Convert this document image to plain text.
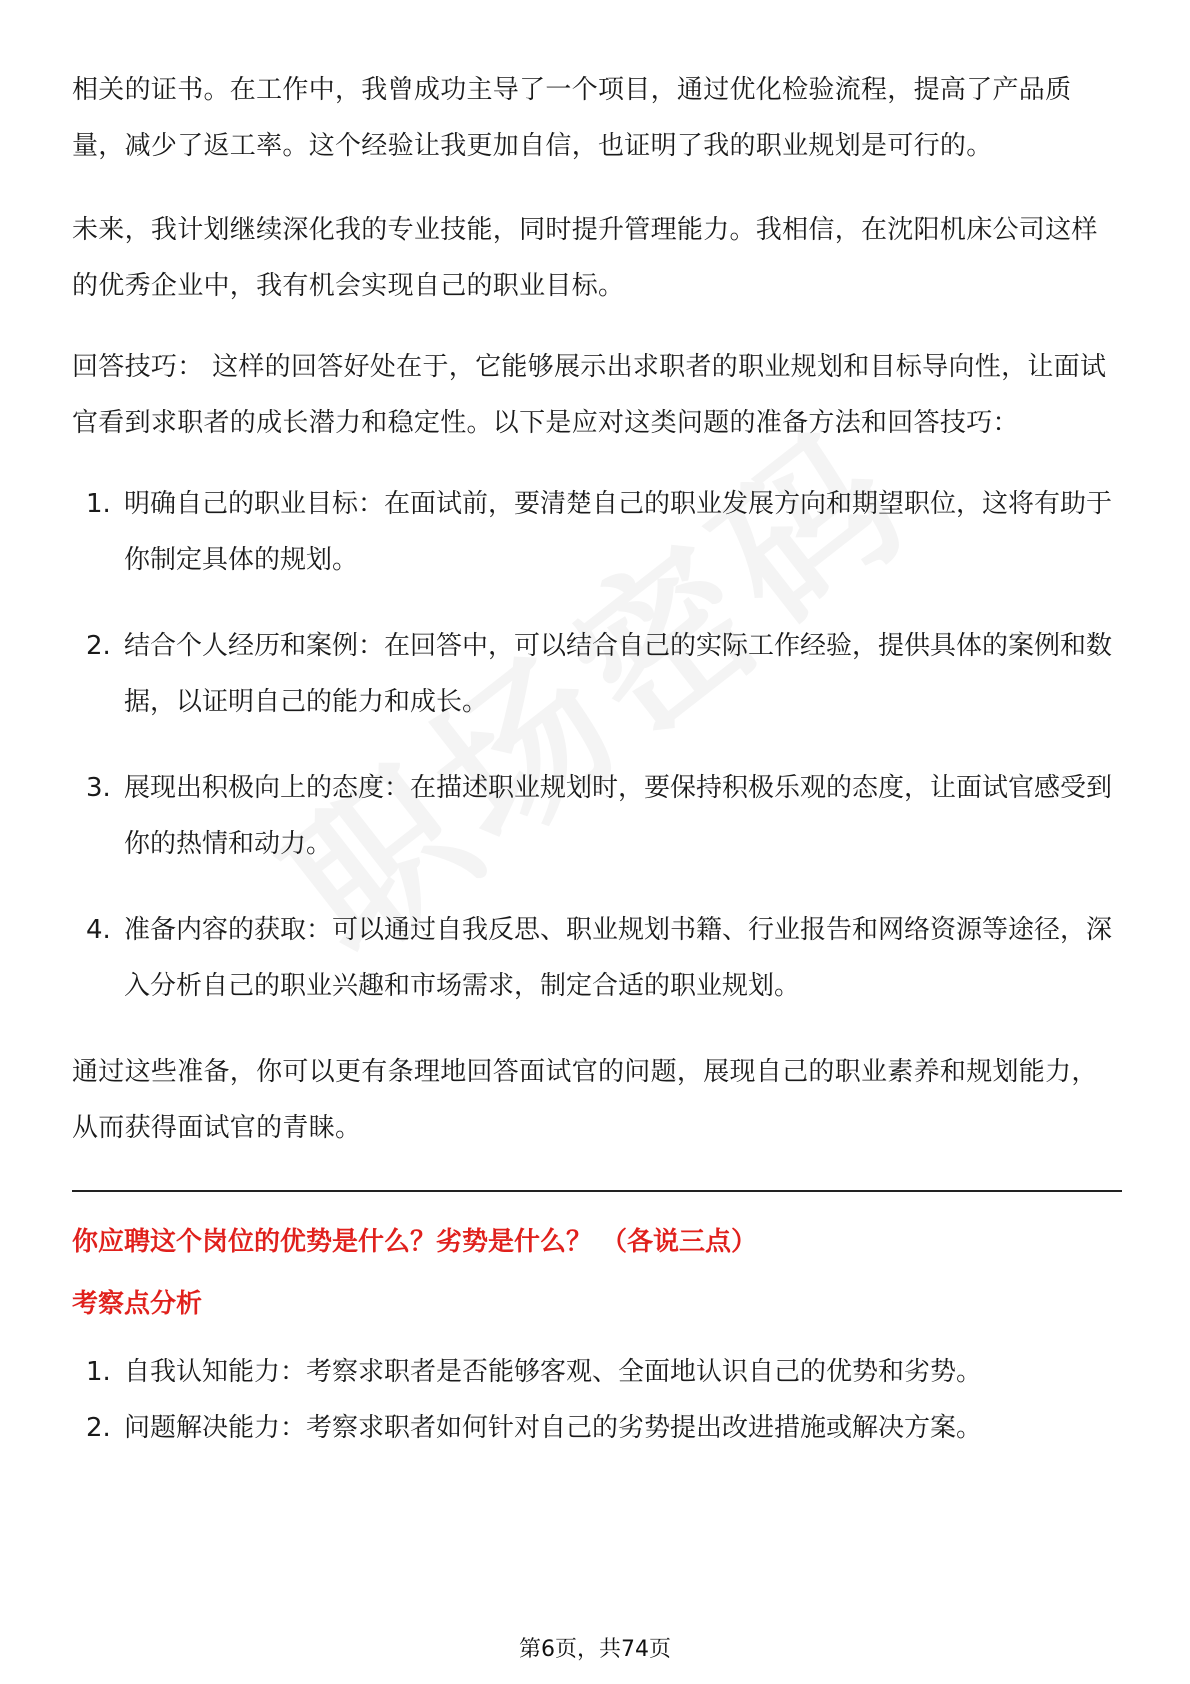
相关的证书。在工作中，我曾成功主导了一个项目，通过优化检验流程，提高了产品质量，减少了返工率。这个经验让我更加自信，也证明了我的职业规划是可行的。

未来，我计划继续深化我的专业技能，同时提升管理能力。我相信，在沈阳机床公司这样的优秀企业中，我有机会实现自己的职业目标。

回答技巧： 这样的回答好处在于，它能够展示出求职者的职业规划和目标导向性，让面试官看到求职者的成长潜力和稳定性。以下是应对这类问题的准备方法和回答技巧：

1. 明确自己的职业目标：在面试前，要清楚自己的职业发展方向和期望职位，这将有助于你制定具体的规划。
2. 结合个人经历和案例：在回答中，可以结合自己的实际工作经验，提供具体的案例和数据，以证明自己的能力和成长。
3. 展现出积极向上的态度：在描述职业规划时，要保持积极乐观的态度，让面试官感受到你的热情和动力。
4. 准备内容的获取：可以通过自我反思、职业规划书籍、行业报告和网络资源等途径，深入分析自己的职业兴趣和市场需求，制定合适的职业规划。

通过这些准备，你可以更有条理地回答面试官的问题，展现自己的职业素养和规划能力，从而获得面试官的青睐。

你应聘这个岗位的优势是什么？劣势是什么？ （各说三点）

考察点分析

1. 自我认知能力：考察求职者是否能够客观、全面地认识自己的优势和劣势。
2. 问题解决能力：考察求职者如何针对自己的劣势提出改进措施或解决方案。
第6页，共74页
